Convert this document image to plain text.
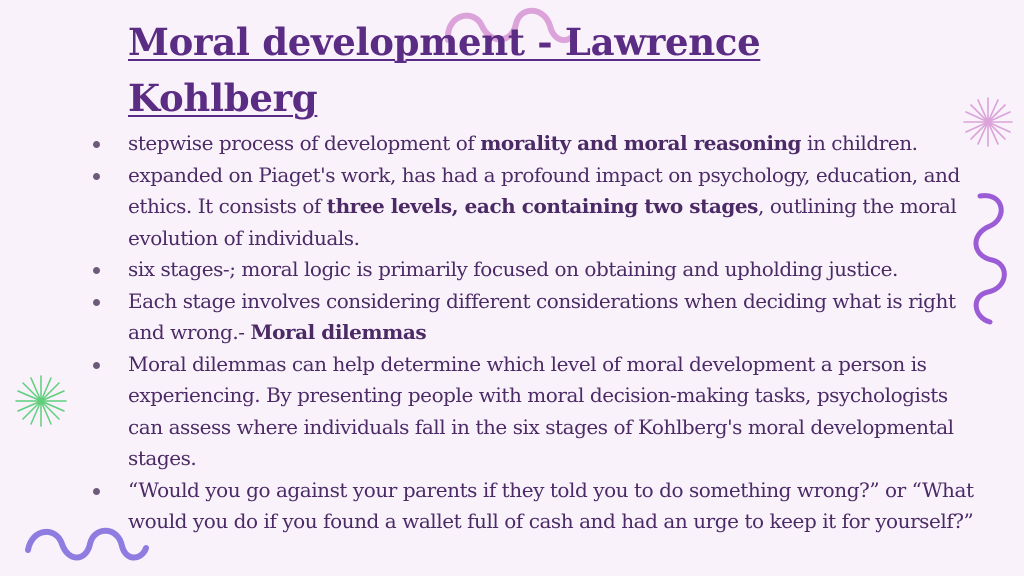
Moral development - Lawrence Kohlberg
stepwise process of development of morality and moral reasoning in children.
expanded on Piaget's work, has had a profound impact on psychology, education, and ethics. It consists of three levels, each containing two stages, outlining the moral evolution of individuals.
six stages-; moral logic is primarily focused on obtaining and upholding justice.
Each stage involves considering different considerations when deciding what is right and wrong.- Moral dilemmas
Moral dilemmas can help determine which level of moral development a person is experiencing. By presenting people with moral decision-making tasks, psychologists can assess where individuals fall in the six stages of Kohlberg's moral developmental stages.
“Would you go against your parents if they told you to do something wrong?” or “What would you do if you found a wallet full of cash and had an urge to keep it for yourself?”
